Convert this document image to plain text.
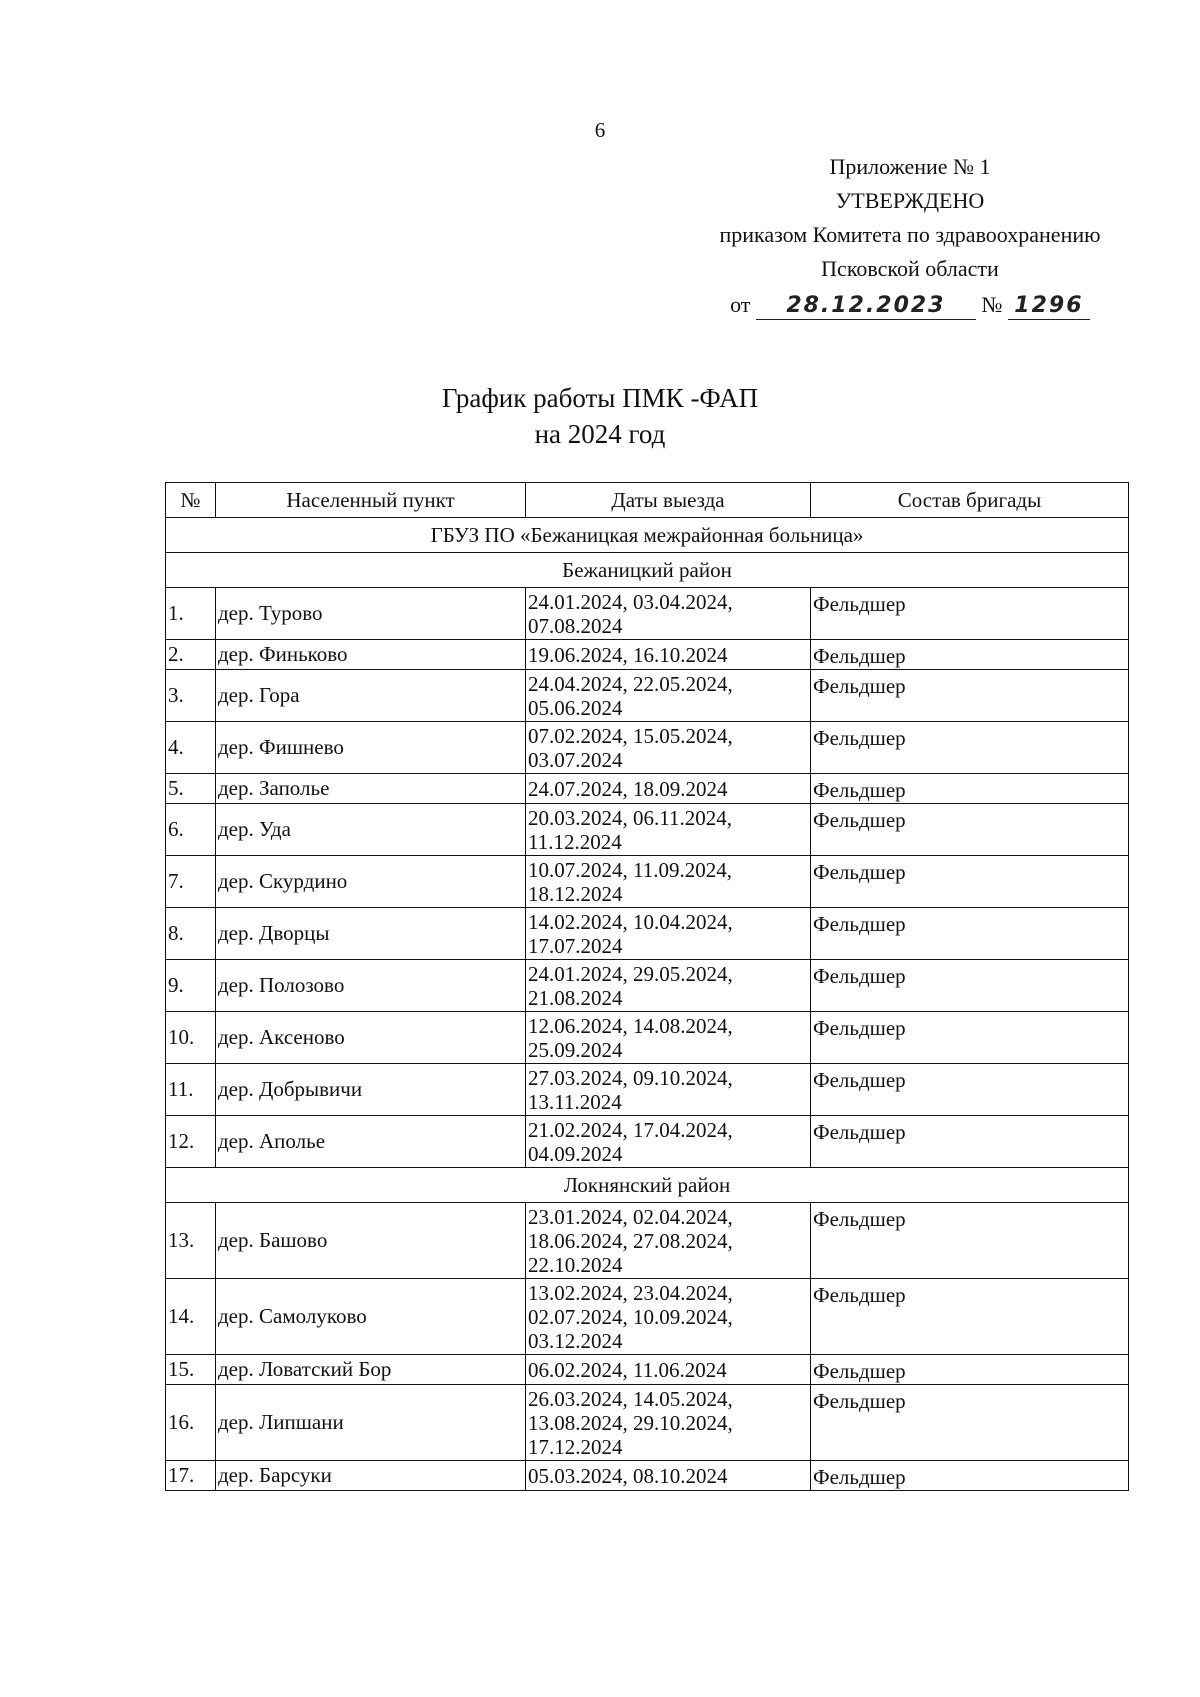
6
Приложение № 1
УТВЕРЖДЕНО
приказом Комитета по здравоохранению
Псковской области
от 28.12.2023 № 1296
График работы ПМК -ФАП
на 2024 год
№	Населенный пункт	Даты выезда	Состав бригады
ГБУЗ ПО «Бежаницкая межрайонная больница»			
Бежаницкий район			
1.	дер. Турово	24.01.2024, 03.04.2024, 07.08.2024	Фельдшер
2.	дер. Финьково	19.06.2024, 16.10.2024	Фельдшер
3.	дер. Гора	24.04.2024, 22.05.2024, 05.06.2024	Фельдшер
4.	дер. Фишнево	07.02.2024, 15.05.2024, 03.07.2024	Фельдшер
5.	дер. Заполье	24.07.2024, 18.09.2024	Фельдшер
6.	дер. Уда	20.03.2024, 06.11.2024, 11.12.2024	Фельдшер
7.	дер. Скурдино	10.07.2024, 11.09.2024, 18.12.2024	Фельдшер
8.	дер. Дворцы	14.02.2024, 10.04.2024, 17.07.2024	Фельдшер
9.	дер. Полозово	24.01.2024, 29.05.2024, 21.08.2024	Фельдшер
10.	дер. Аксеново	12.06.2024, 14.08.2024, 25.09.2024	Фельдшер
11.	дер. Добрывичи	27.03.2024, 09.10.2024, 13.11.2024	Фельдшер
12.	дер. Аполье	21.02.2024, 17.04.2024, 04.09.2024	Фельдшер
Локнянский район			
13.	дер. Башово	23.01.2024, 02.04.2024, 18.06.2024, 27.08.2024, 22.10.2024	Фельдшер
14.	дер. Самолуково	13.02.2024, 23.04.2024, 02.07.2024, 10.09.2024, 03.12.2024	Фельдшер
15.	дер. Ловатский Бор	06.02.2024, 11.06.2024	Фельдшер
16.	дер. Липшани	26.03.2024, 14.05.2024, 13.08.2024, 29.10.2024, 17.12.2024	Фельдшер
17.	дер. Барсуки	05.03.2024, 08.10.2024	Фельдшер
